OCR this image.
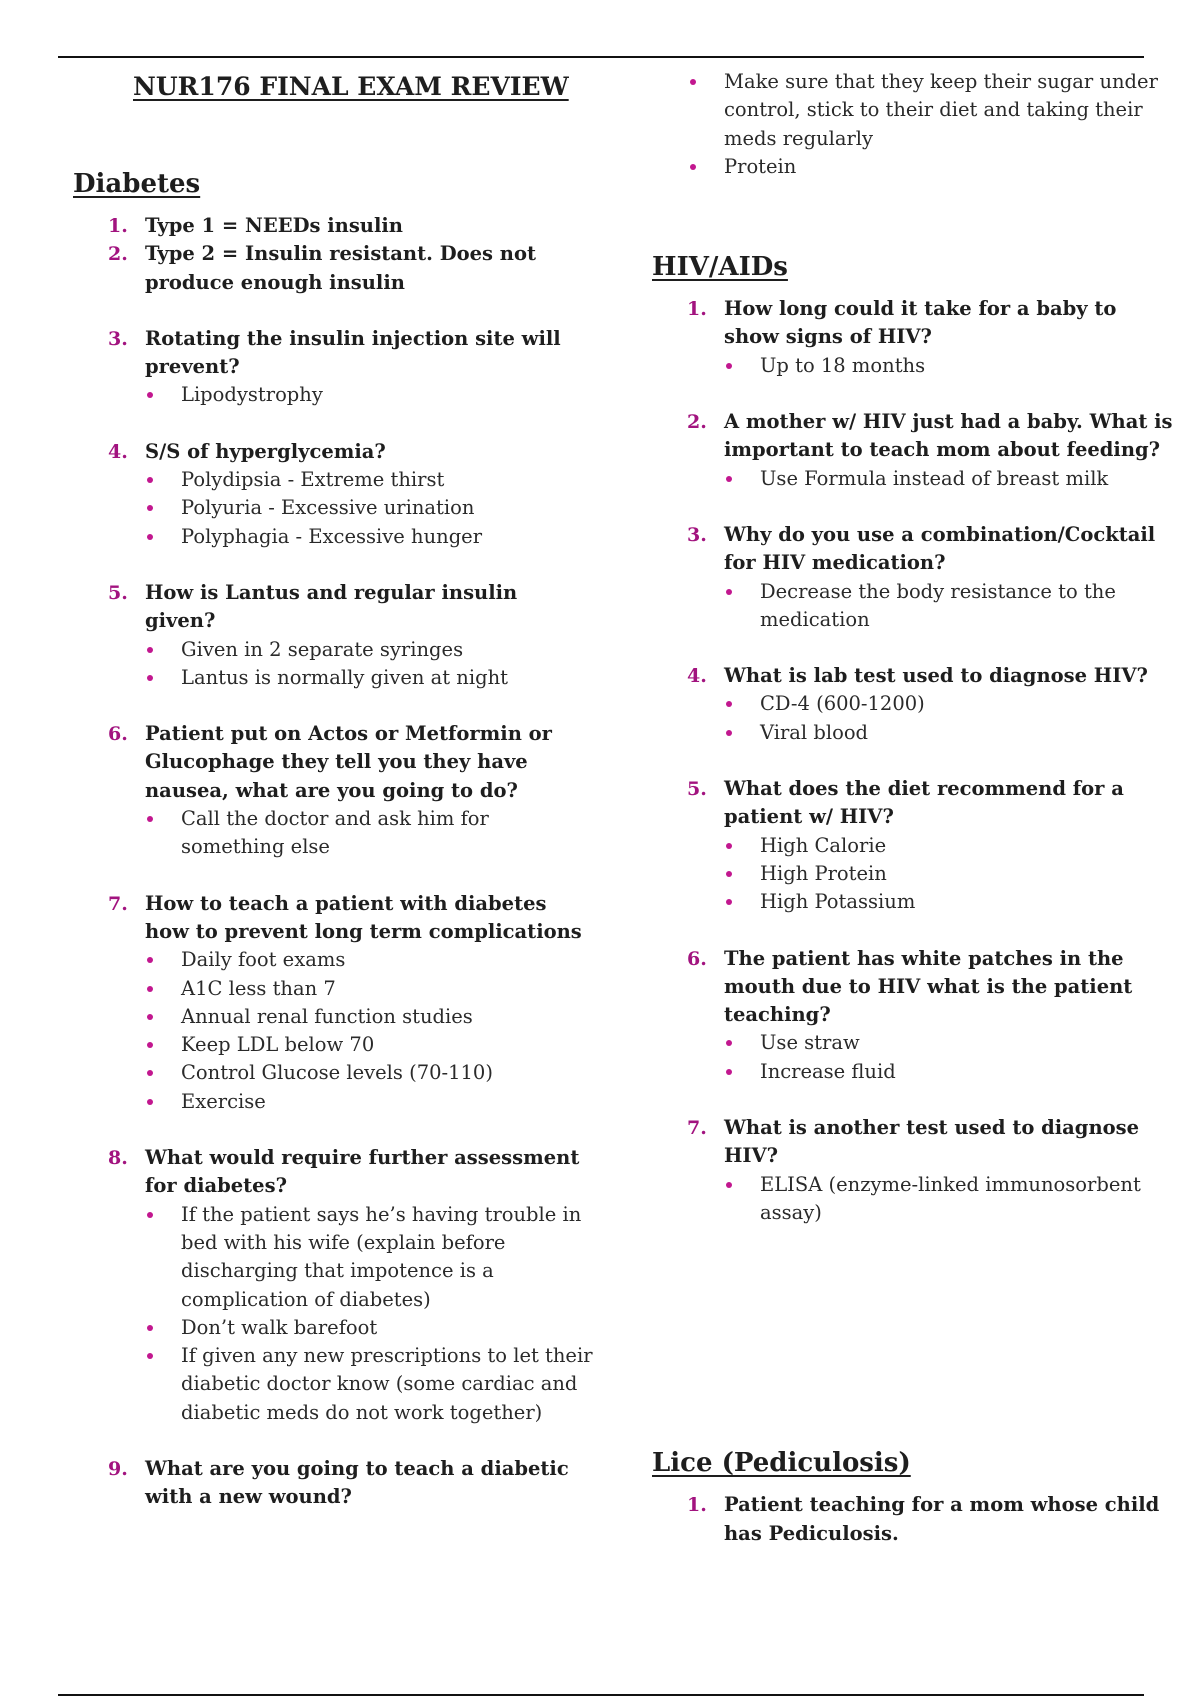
NUR176 FINAL EXAM REVIEW
Diabetes
1. Type 1 = NEEDs insulin

2. Type 2 = Insulin resistant. Does not produce enough insulin

3. Rotating the insulin injection site will prevent?

Lipodystrophy
4. S/S of hyperglycemia?

Polydipsia - Extreme thirst
Polyuria - Excessive urination
Polyphagia - Excessive hunger
5. How is Lantus and regular insulin given?

Given in 2 separate syringes
Lantus is normally given at night
6. Patient put on Actos or Metformin or Glucophage they tell you they have nausea, what are you going to do?

Call the doctor and ask him for something else
7. How to teach a patient with diabetes how to prevent long term complications

Daily foot exams
A1C less than 7
Annual renal function studies
Keep LDL below 70
Control Glucose levels (70-110)
Exercise
8. What would require further assessment for diabetes?

If the patient says he’s having trouble in bed with his wife (explain before discharging that impotence is a complication of diabetes)
Don’t walk barefoot
If given any new prescriptions to let their diabetic doctor know (some cardiac and diabetic meds do not work together)
9. What are you going to teach a diabetic with a new wound?

Make sure that they keep their sugar under control, stick to their diet and taking their meds regularly
Protein
HIV/AIDs
1. How long could it take for a baby to show signs of HIV?

Up to 18 months
2. A mother w/ HIV just had a baby. What is important to teach mom about feeding?

Use Formula instead of breast milk
3. Why do you use a combination/Cocktail for HIV medication?

Decrease the body resistance to the medication
4. What is lab test used to diagnose HIV?

CD-4 (600-1200)
Viral blood
5. What does the diet recommend for a patient w/ HIV?

High Calorie
High Protein
High Potassium
6. The patient has white patches in the mouth due to HIV what is the patient teaching?

Use straw
Increase fluid
7. What is another test used to diagnose HIV?

ELISA (enzyme-linked immunosorbent assay)
Lice (Pediculosis)
1. Patient teaching for a mom whose child has Pediculosis.
